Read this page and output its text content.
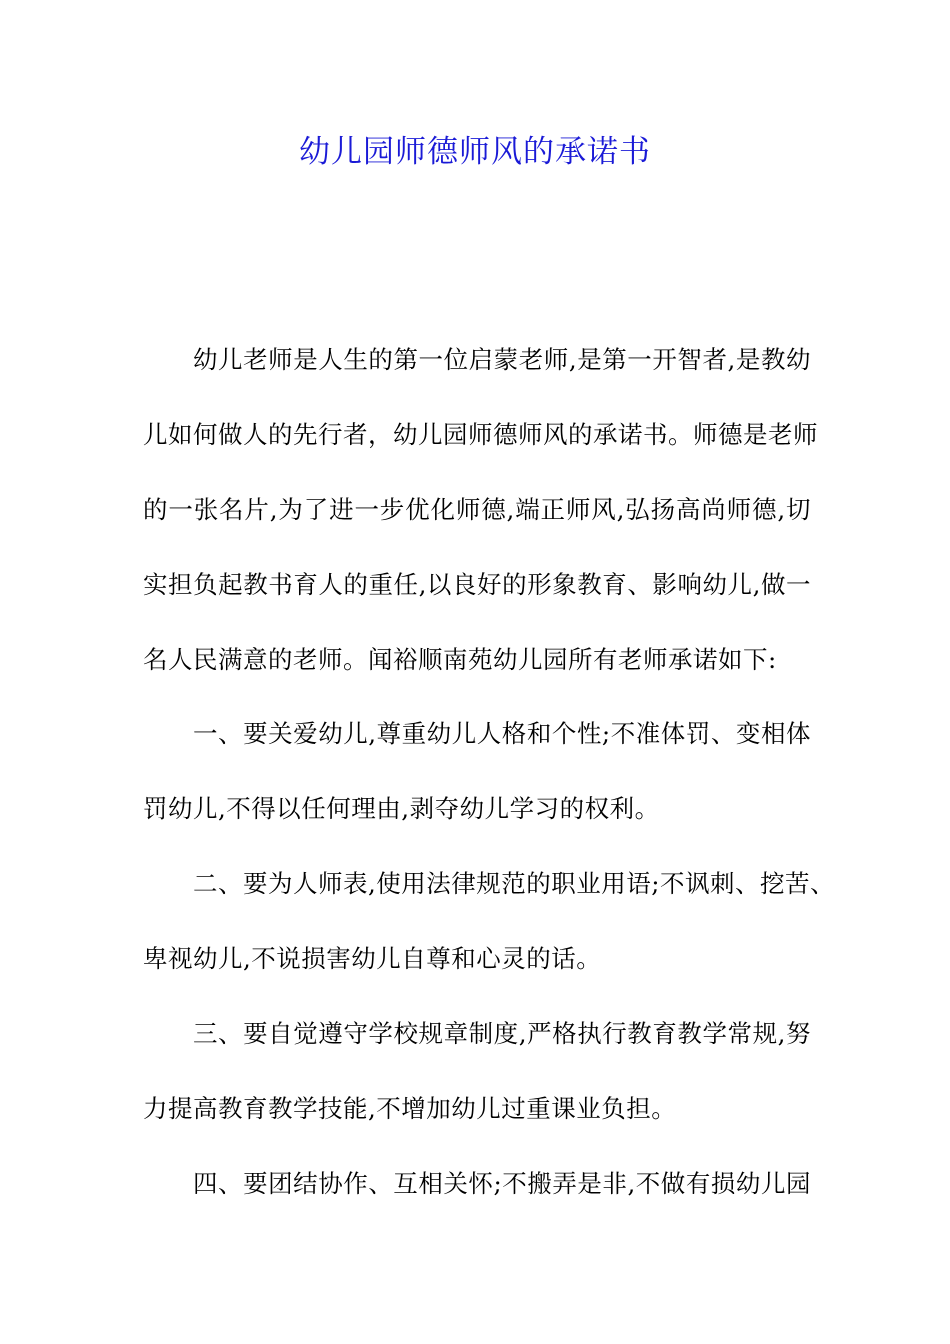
幼儿园师德师风的承诺书
幼儿老师是人生的第一位启蒙老师,是第一开智者,是教幼
儿如何做人的先行者，幼儿园师德师风的承诺书。师德是老师
的一张名片,为了进一步优化师德,端正师风,弘扬高尚师德,切
实担负起教书育人的重任,以良好的形象教育、影响幼儿,做一
名人民满意的老师。闻裕顺南苑幼儿园所有老师承诺如下:
一、要关爱幼儿,尊重幼儿人格和个性;不准体罚、变相体
罚幼儿,不得以任何理由,剥夺幼儿学习的权利。
二、要为人师表,使用法律规范的职业用语;不讽刺、挖苦、
卑视幼儿,不说损害幼儿自尊和心灵的话。
三、要自觉遵守学校规章制度,严格执行教育教学常规,努
力提高教育教学技能,不增加幼儿过重课业负担。
四、要团结协作、互相关怀;不搬弄是非,不做有损幼儿园
